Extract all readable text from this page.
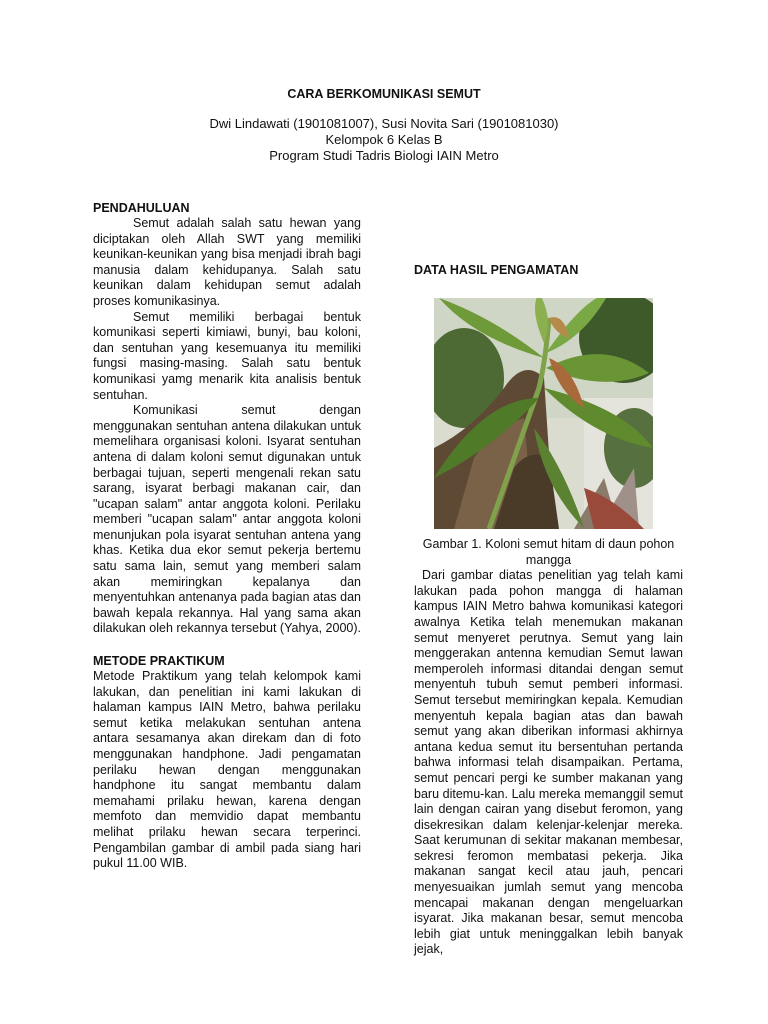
CARA BERKOMUNIKASI SEMUT
Dwi Lindawati (1901081007), Susi Novita Sari (1901081030)
Kelompok 6 Kelas B
Program Studi Tadris Biologi IAIN Metro
PENDAHULUAN

Semut adalah salah satu hewan yang diciptakan oleh Allah SWT yang memiliki keunikan-keunikan yang bisa menjadi ibrah bagi manusia dalam kehidupanya. Salah satu keunikan dalam kehidupan semut adalah proses komunikasinya.

Semut memiliki berbagai bentuk komunikasi seperti kimiawi, bunyi, bau koloni, dan sentuhan yang kesemuanya itu memiliki fungsi masing-masing. Salah satu bentuk komunikasi yamg menarik kita analisis bentuk sentuhan.

Komunikasi semut dengan menggunakan sentuhan antena dilakukan untuk memelihara organisasi koloni. Isyarat sentuhan antena di dalam koloni semut digunakan untuk berbagai tujuan, seperti mengenali rekan satu sarang, isyarat berbagi makanan cair, dan "ucapan salam" antar anggota koloni. Perilaku memberi "ucapan salam" antar anggota koloni menunjukan pola isyarat sentuhan antena yang khas. Ketika dua ekor semut pekerja bertemu satu sama lain, semut yang memberi salam akan memiringkan kepalanya dan menyentuhkan antenanya pada bagian atas dan bawah kepala rekannya. Hal yang sama akan dilakukan oleh rekannya tersebut (Yahya, 2000).

METODE PRAKTIKUM

Metode Praktikum yang telah kelompok kami lakukan, dan penelitian ini kami lakukan di halaman kampus IAIN Metro, bahwa perilaku semut ketika melakukan sentuhan antena antara sesamanya akan direkam dan di foto menggunakan handphone. Jadi pengamatan perilaku hewan dengan menggunakan handphone itu sangat membantu dalam memahami prilaku hewan, karena dengan memfoto dan memvidio dapat membantu melihat prilaku hewan secara terperinci. Pengambilan gambar di ambil pada siang hari pukul 11.00 WIB.

DATA HASIL PENGAMATAN
Gambar 1. Koloni semut hitam di daun pohon mangga

Dari gambar diatas penelitian yag telah kami lakukan pada pohon mangga di halaman kampus IAIN Metro bahwa komunikasi kategori awalnya Ketika telah menemukan makanan semut menyeret perutnya. Semut yang lain menggerakan antenna kemudian Semut lawan memperoleh informasi ditandai dengan semut menyentuh tubuh semut pemberi informasi. Semut tersebut memiringkan kepala. Kemudian menyentuh kepala bagian atas dan bawah semut yang akan diberikan informasi akhirnya antana kedua semut itu bersentuhan pertanda bahwa informasi telah disampaikan. Pertama, semut pencari pergi ke sumber makanan yang baru ditemu-kan. Lalu mereka memanggil semut lain dengan cairan yang disebut feromon, yang disekresikan dalam kelenjar-kelenjar mereka. Saat kerumunan di sekitar makanan membesar, sekresi feromon membatasi pekerja. Jika makanan sangat kecil atau jauh, pencari menyesuaikan jumlah semut yang mencoba mencapai makanan dengan mengeluarkan isyarat. Jika makanan besar, semut mencoba lebih giat untuk meninggalkan lebih banyak jejak,
